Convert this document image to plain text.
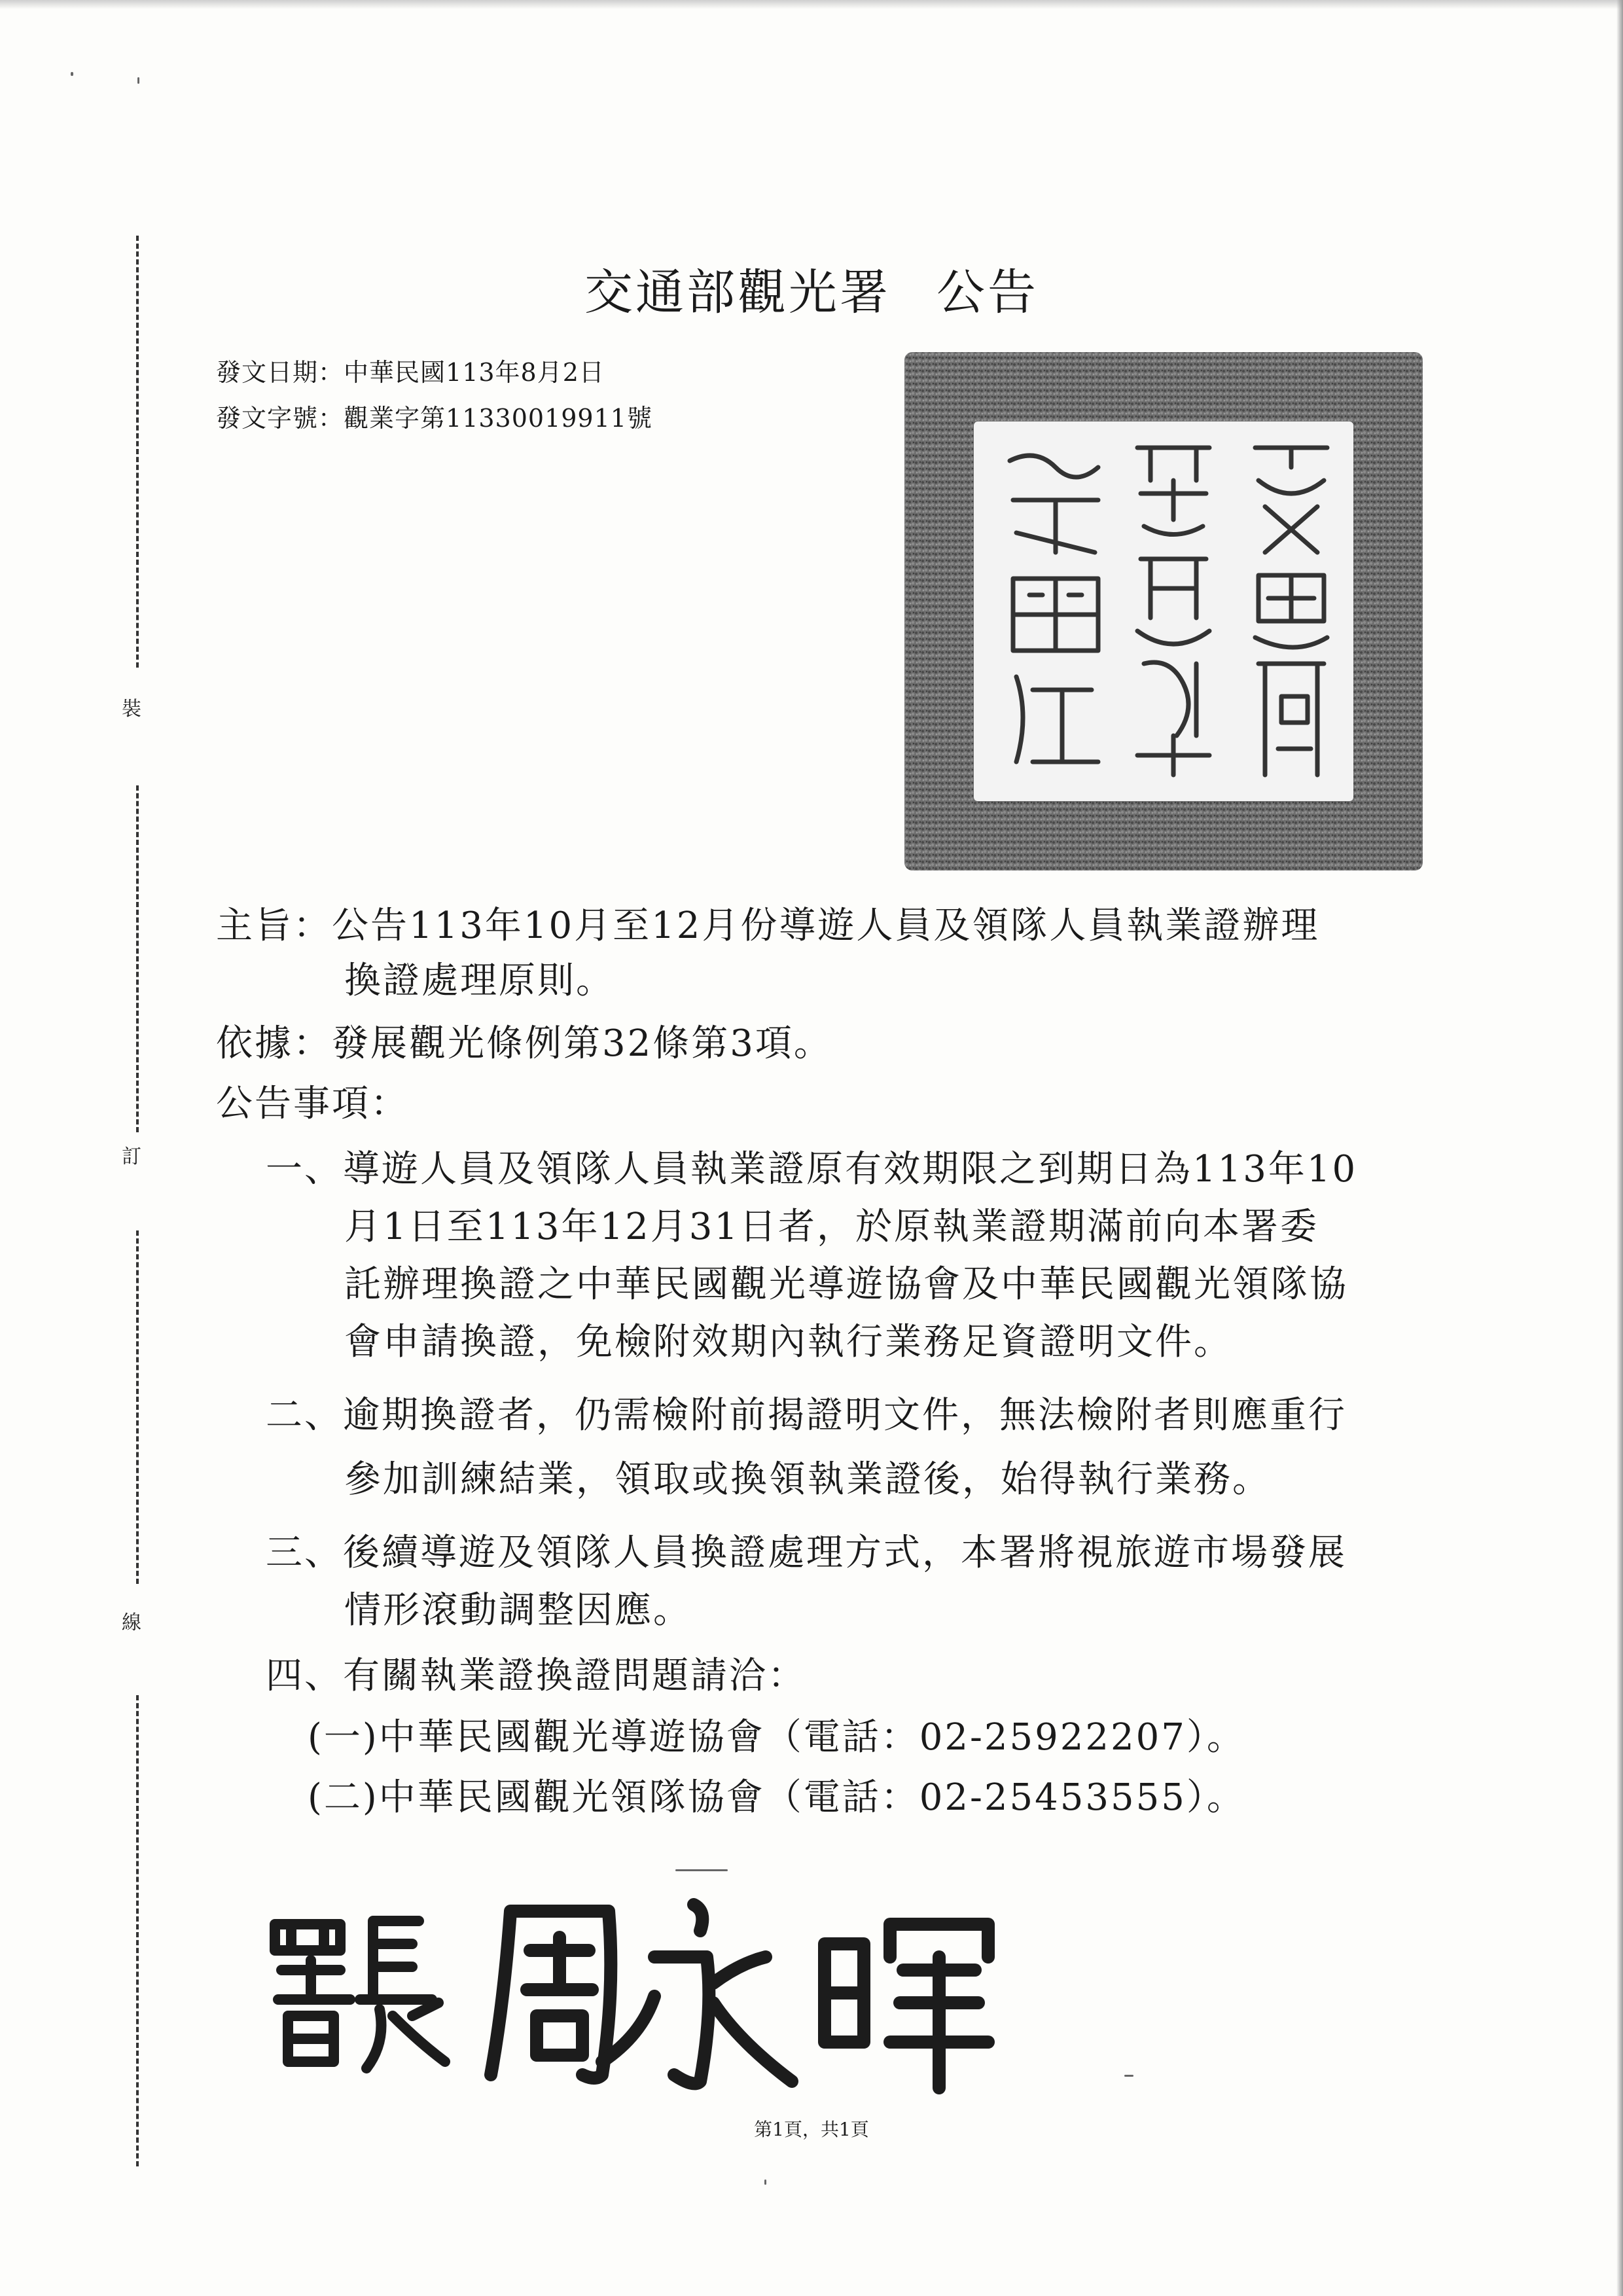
裝
訂
線
交通部觀光署 公告
發文日期：中華民國113年8月2日
發文字號：觀業字第11330019911號
主旨：公告113年10月至12月份導遊人員及領隊人員執業證辦理
換證處理原則。
依據：發展觀光條例第32條第3項。
公告事項：
一、導遊人員及領隊人員執業證原有效期限之到期日為113年10
月1日至113年12月31日者，於原執業證期滿前向本署委
託辦理換證之中華民國觀光導遊協會及中華民國觀光領隊協
會申請換證，免檢附效期內執行業務足資證明文件。
二、逾期換證者，仍需檢附前揭證明文件，無法檢附者則應重行
參加訓練結業，領取或換領執業證後，始得執行業務。
三、後續導遊及領隊人員換證處理方式，本署將視旅遊市場發展
情形滾動調整因應。
四、有關執業證換證問題請洽：
(一)中華民國觀光導遊協會（電話：02-25922207）。
(二)中華民國觀光領隊協會（電話：02-25453555）。
第1頁，共1頁
